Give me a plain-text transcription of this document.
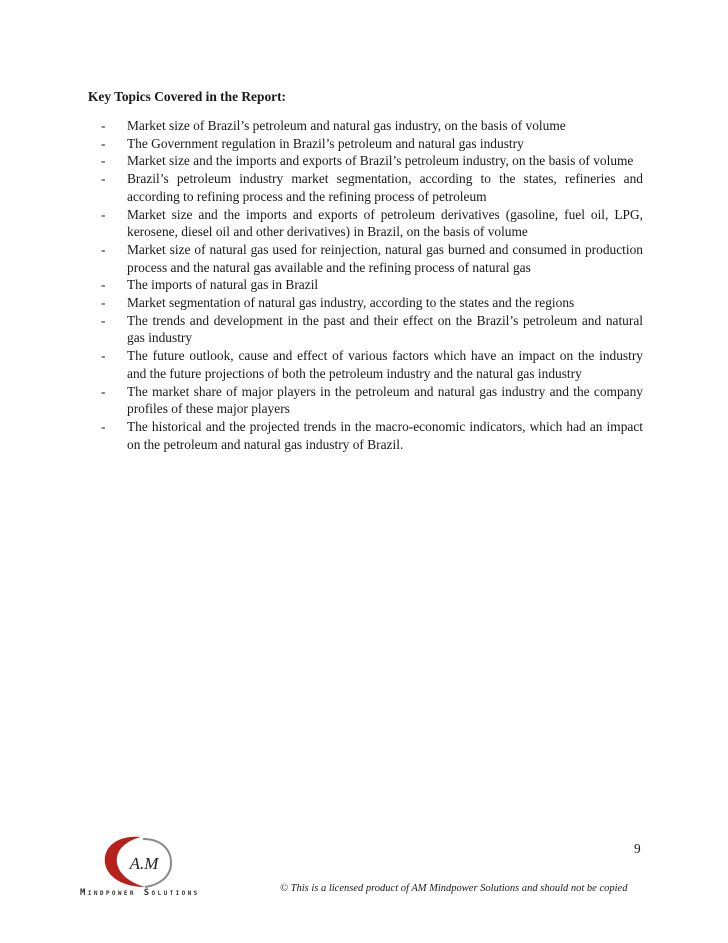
Key Topics Covered in the Report:

- Market size of Brazil’s petroleum and natural gas industry, on the basis of volume
- The Government regulation in Brazil’s petroleum and natural gas industry
- Market size and the imports and exports of Brazil’s petroleum industry, on the basis of volume
- Brazil’s petroleum industry market segmentation, according to the states, refineries and according to refining process and the refining process of petroleum
- Market size and the imports and exports of petroleum derivatives (gasoline, fuel oil, LPG, kerosene, diesel oil and other derivatives) in Brazil, on the basis of volume
- Market size of natural gas used for reinjection, natural gas burned and consumed in production process and the natural gas available and the refining process of natural gas
- The imports of natural gas in Brazil
- Market segmentation of natural gas industry, according to the states and the regions
- The trends and development in the past and their effect on the Brazil’s petroleum and natural gas industry
- The future outlook, cause and effect of various factors which have an impact on the industry and the future projections of both the petroleum industry and the natural gas industry
- The market share of major players in the petroleum and natural gas industry and the company profiles of these major players
- The historical and the projected trends in the macro-economic indicators, which had an impact on the petroleum and natural gas industry of Brazil.
9
A.M
Mindpower Solutions	© This is a licensed product of AM Mindpower Solutions and should not be copied
